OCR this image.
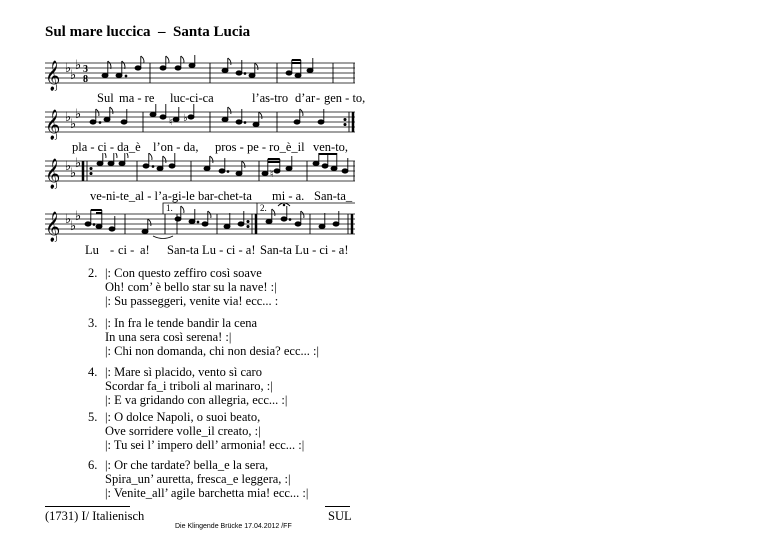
Sul mare luccica  –  Santa Lucia
𝄞 ♭
♭
♭ 3
8
Sul ma - re luc-ci-ca	l’as-tro d’ar - gen - to,
𝄞 ♭
♭
♭
♮ ♭
pla - ci - da_è l’on - da, pros - pe - ro_è_il ven-to,
𝄞 ♭
♭
♭
♮
ve-ni-te_al - l’a-gi-le bar-chet-ta mi - a. San-ta_
𝄞 ♭
♭
♭
1.	2.
Lu - ci - a! San-ta Lu - ci - a! San-ta Lu - ci - a!
2. |: Con questo zeffiro così soave
Oh! com’ è bello star su la nave! :|
|: Su passeggeri, venite via! ecc... :
3. |: In fra le tende bandir la cena
In una sera così serena! :|
|: Chi non domanda, chi non desia? ecc... :|
4. |: Mare sì placido, vento sì caro
Scordar fa_i triboli al marinaro, :|
|: E va gridando con allegria, ecc... :|
5. |: O dolce Napoli, o suoi beato,
Ove sorridere volle_il creato, :|
|: Tu sei l’ impero dell’ armonia! ecc... :|
6. |: Or che tardate? bella_e la sera,
Spira_un’ auretta, fresca_e leggera, :|
|: Venite_all’ agile barchetta mia! ecc... :|
(1731) I/ Italienisch
Die Klingende Brücke 17.04.2012 /FF
SUL
